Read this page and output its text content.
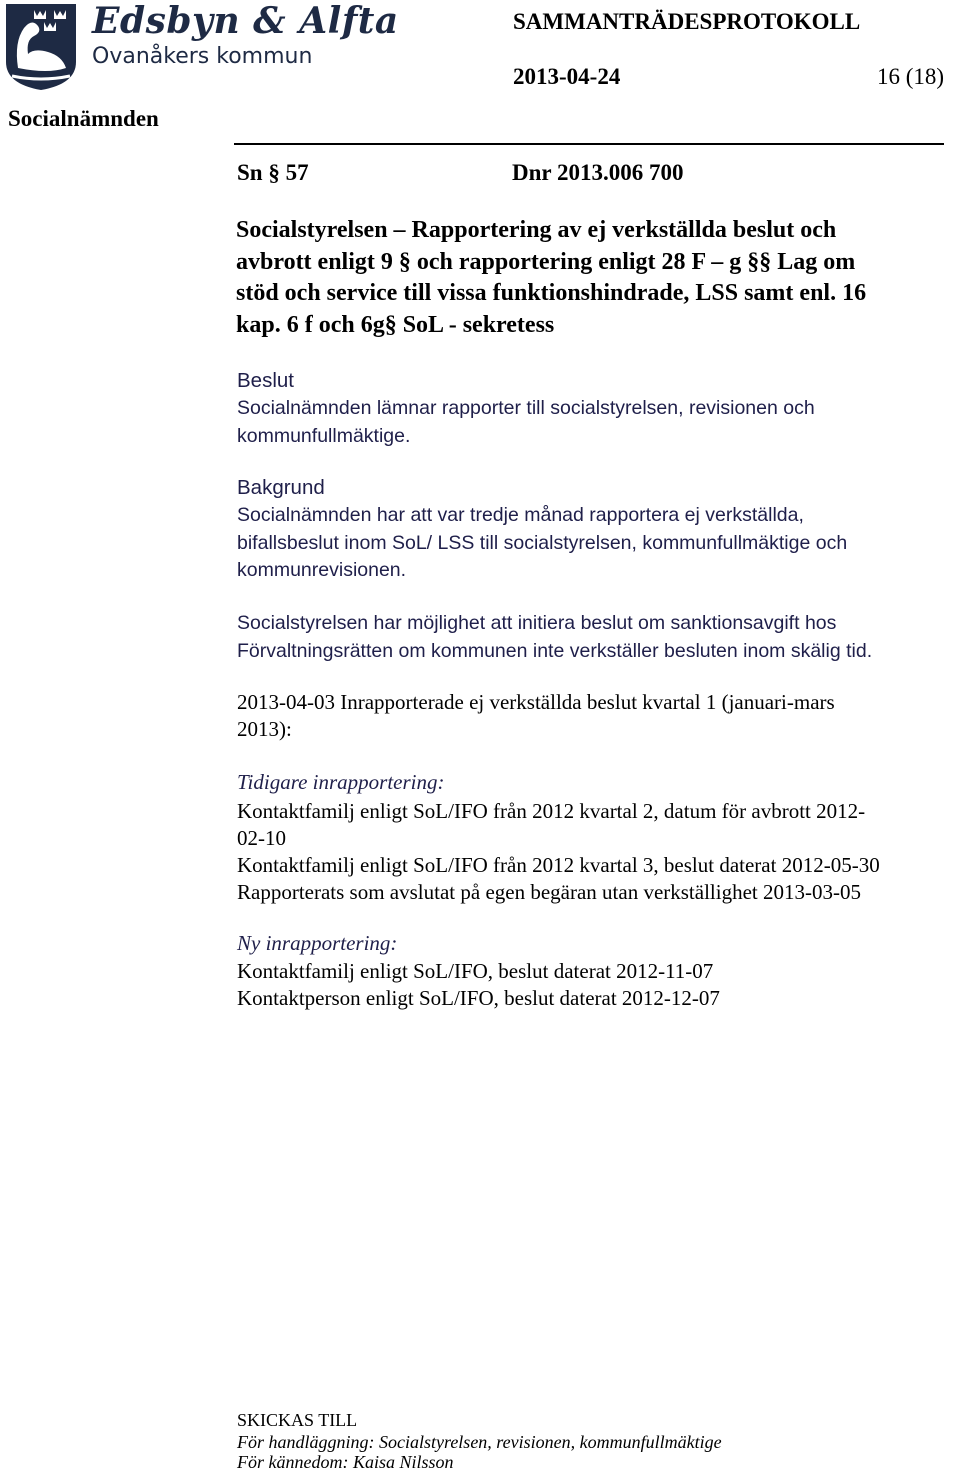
Edsbyn & Alfta
Ovanåkers kommun
SAMMANTRÄDESPROTOKOLL
2013-04-24	16 (18)
Socialnämnden
Sn § 57	Dnr 2013.006 700
Socialstyrelsen – Rapportering av ej verkställda beslut och
avbrott enligt 9 § och rapportering enligt 28 F – g §§ Lag om
stöd och service till vissa funktionshindrade, LSS samt enl. 16
kap. 6 f och 6g§ SoL - sekretess
Beslut
Socialnämnden lämnar rapporter till socialstyrelsen, revisionen och
kommunfullmäktige.
Bakgrund
Socialnämnden har att var tredje månad rapportera ej verkställda,
bifallsbeslut inom SoL/ LSS till socialstyrelsen, kommunfullmäktige och
kommunrevisionen.
Socialstyrelsen har möjlighet att initiera beslut om sanktionsavgift hos
Förvaltningsrätten om kommunen inte verkställer besluten inom skälig tid.
2013-04-03 Inrapporterade ej verkställda beslut kvartal 1 (januari-mars
2013):
Tidigare inrapportering:
Kontaktfamilj enligt SoL/IFO från 2012 kvartal 2, datum för avbrott 2012-
02-10
Kontaktfamilj enligt SoL/IFO från 2012 kvartal 3, beslut daterat 2012-05-30
Rapporterats som avslutat på egen begäran utan verkställighet 2013-03-05
Ny inrapportering:
Kontaktfamilj enligt SoL/IFO, beslut daterat 2012-11-07
Kontaktperson enligt SoL/IFO, beslut daterat 2012-12-07
SKICKAS TILL
För handläggning: Socialstyrelsen, revisionen, kommunfullmäktige
För kännedom: Kaisa Nilsson
